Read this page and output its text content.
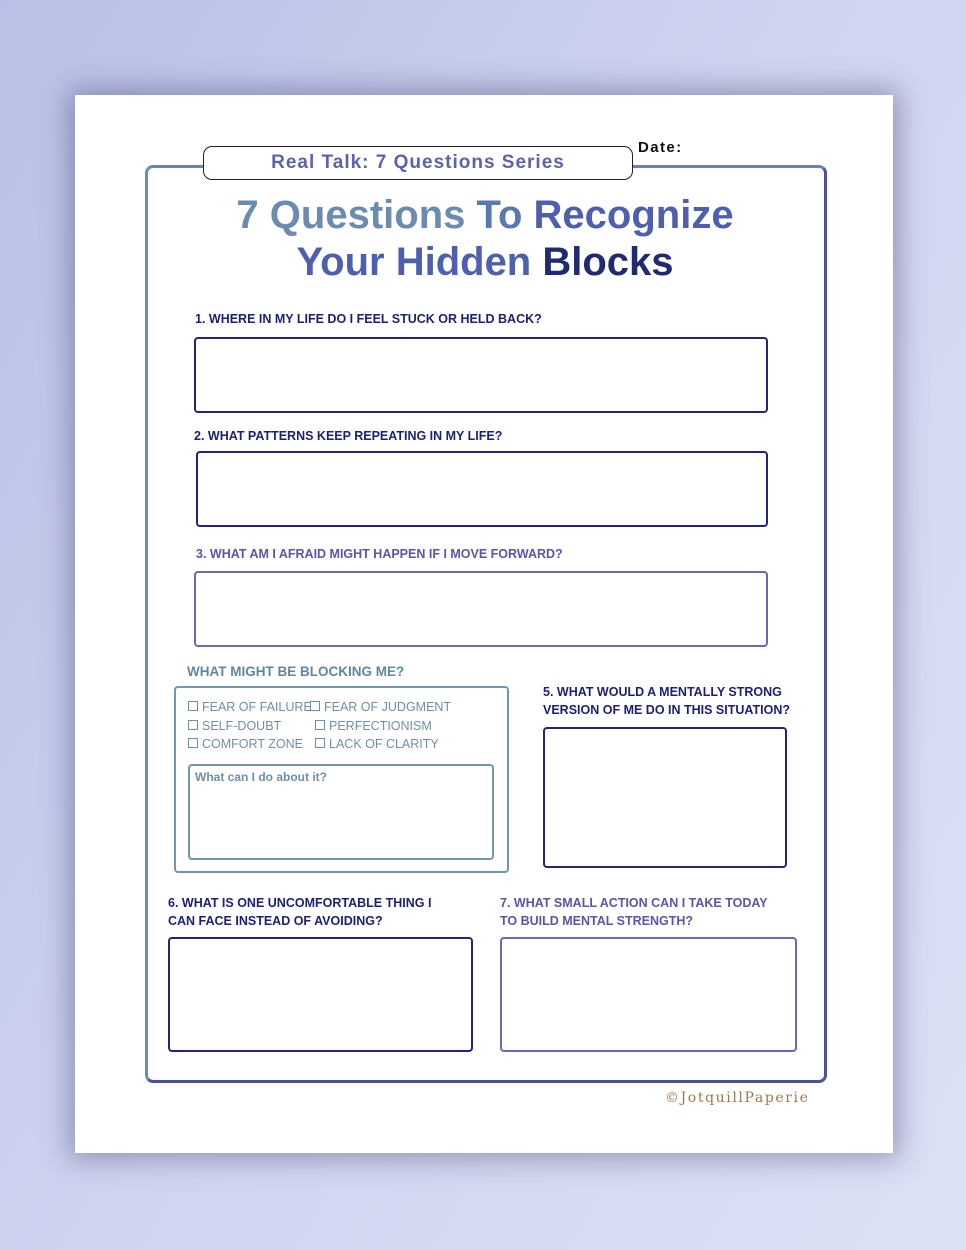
Real Talk: 7 Questions Series
Date:
7 Questions To Recognize
Your Hidden Blocks
1. WHERE IN MY LIFE DO I FEEL STUCK OR HELD BACK?
2. WHAT PATTERNS KEEP REPEATING IN MY LIFE?
3. WHAT AM I AFRAID MIGHT HAPPEN IF I MOVE FORWARD?
WHAT MIGHT BE BLOCKING ME?
FEAR OF FAILURE FEAR OF JUDGMENT
SELF-DOUBT	PERFECTIONISM
COMFORT ZONE	LACK OF CLARITY
What can I do about it?
5. WHAT WOULD A MENTALLY STRONG
VERSION OF ME DO IN THIS SITUATION?
6. WHAT IS ONE UNCOMFORTABLE THING I
CAN FACE INSTEAD OF AVOIDING?
7. WHAT SMALL ACTION CAN I TAKE TODAY
TO BUILD MENTAL STRENGTH?
©JotquillPaperie
